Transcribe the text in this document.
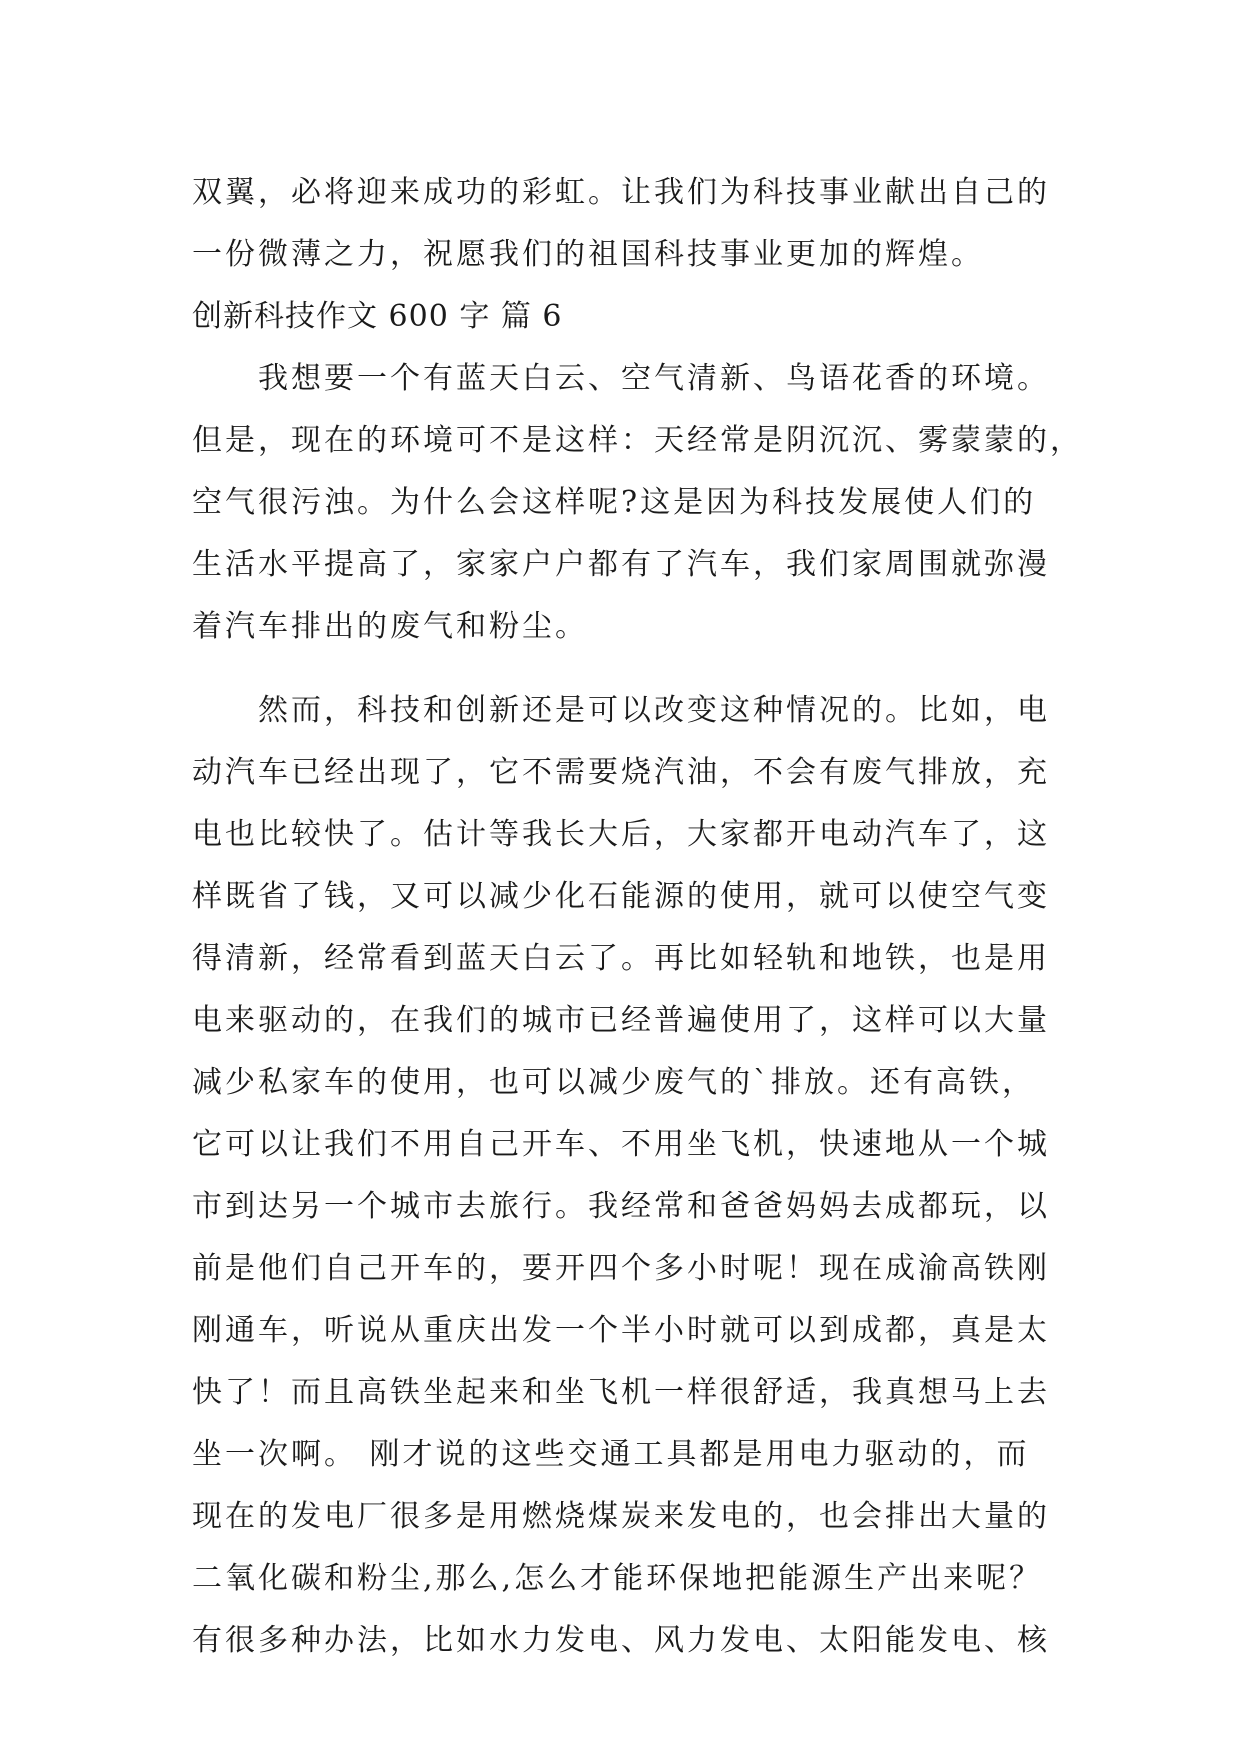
双翼，必将迎来成功的彩虹。让我们为科技事业献出自己的
一份微薄之力，祝愿我们的祖国科技事业更加的辉煌。
创新科技作文 600 字 篇 6
　　我想要一个有蓝天白云、空气清新、鸟语花香的环境。
但是，现在的环境可不是这样：天经常是阴沉沉、雾蒙蒙的，
空气很污浊。为什么会这样呢?这是因为科技发展使人们的
生活水平提高了，家家户户都有了汽车，我们家周围就弥漫
着汽车排出的废气和粉尘。
　　然而，科技和创新还是可以改变这种情况的。比如，电
动汽车已经出现了，它不需要烧汽油，不会有废气排放，充
电也比较快了。估计等我长大后，大家都开电动汽车了，这
样既省了钱，又可以减少化石能源的使用，就可以使空气变
得清新，经常看到蓝天白云了。再比如轻轨和地铁，也是用
电来驱动的，在我们的城市已经普遍使用了，这样可以大量
减少私家车的使用，也可以减少废气的`排放。还有高铁，
它可以让我们不用自己开车、不用坐飞机，快速地从一个城
市到达另一个城市去旅行。我经常和爸爸妈妈去成都玩，以
前是他们自己开车的，要开四个多小时呢！现在成渝高铁刚
刚通车，听说从重庆出发一个半小时就可以到成都，真是太
快了！而且高铁坐起来和坐飞机一样很舒适，我真想马上去
坐一次啊。 刚才说的这些交通工具都是用电力驱动的，而
现在的发电厂很多是用燃烧煤炭来发电的，也会排出大量的
二氧化碳和粉尘,那么,怎么才能环保地把能源生产出来呢？
有很多种办法，比如水力发电、风力发电、太阳能发电、核
